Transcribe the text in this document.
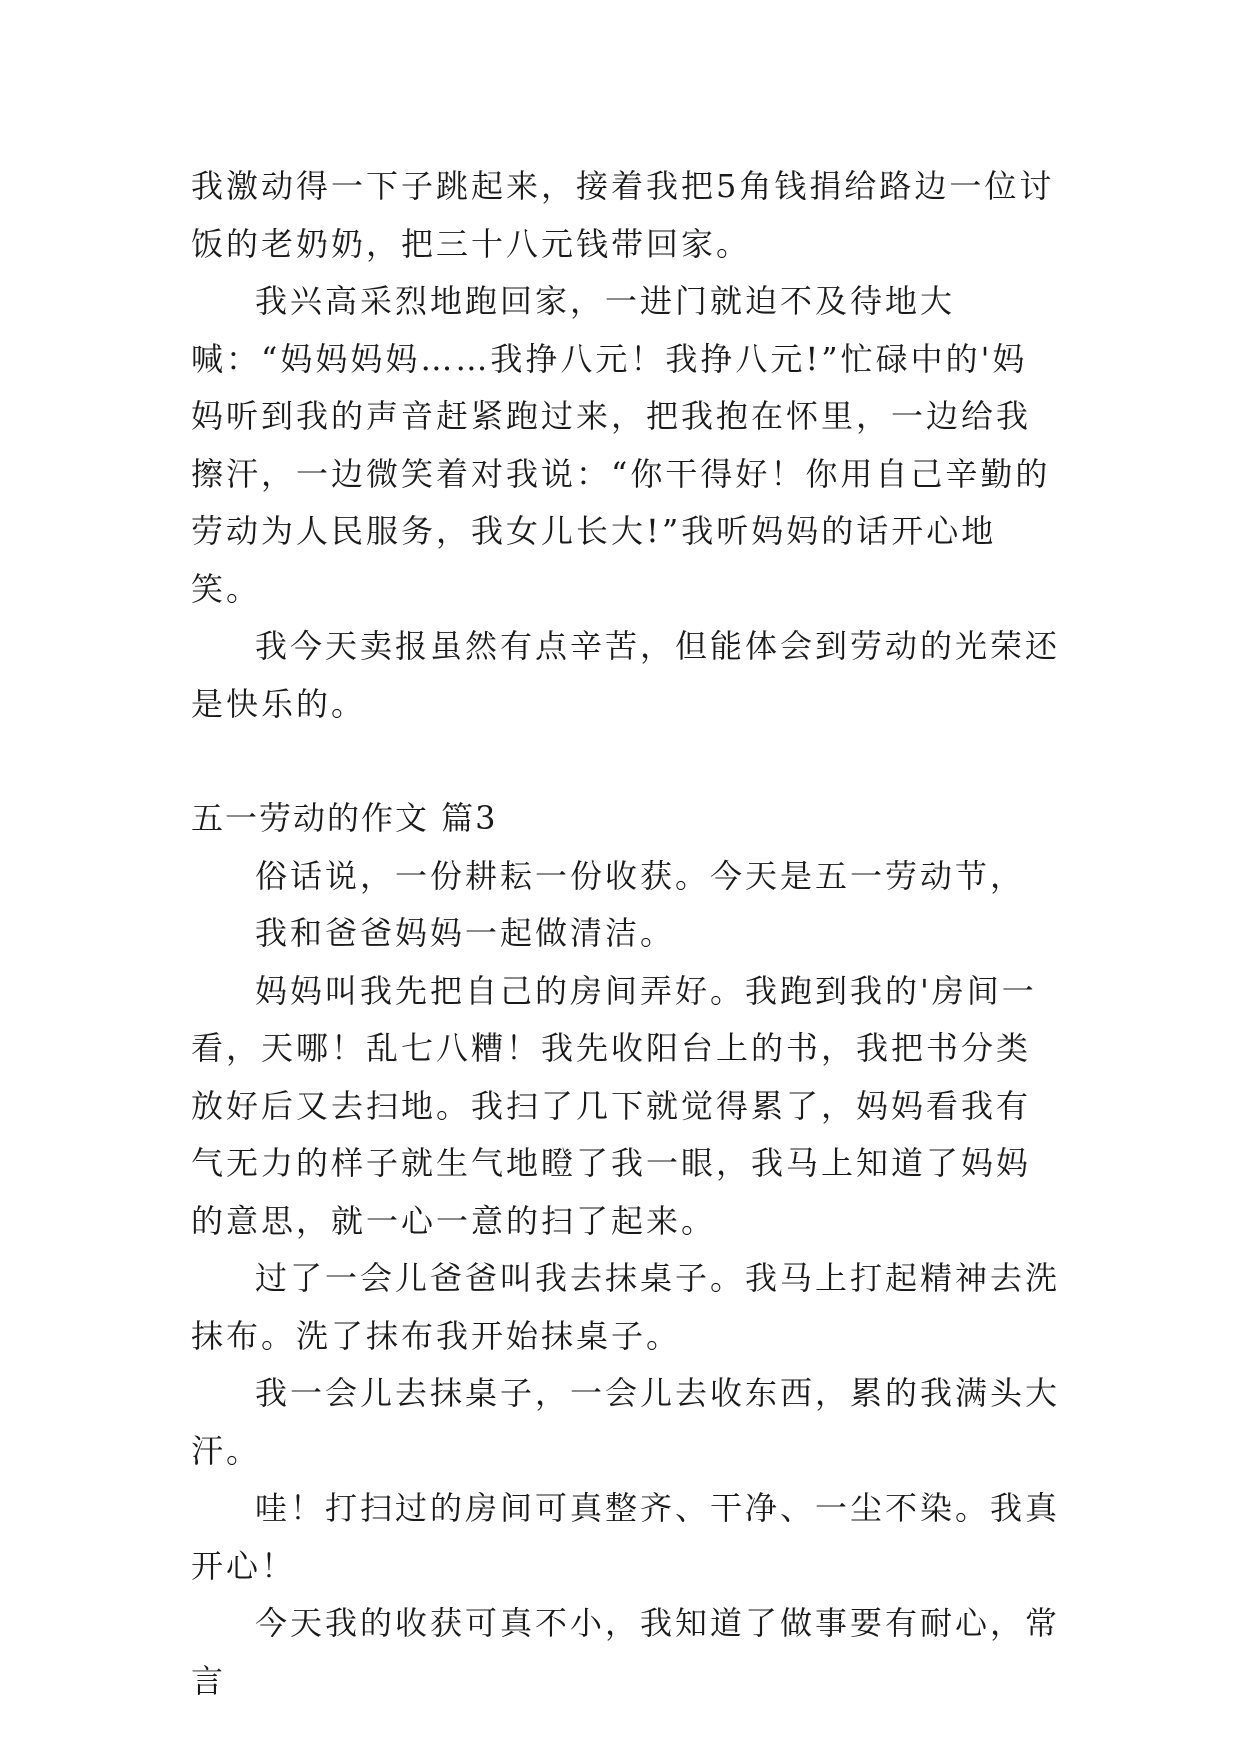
我激动得一下子跳起来，接着我把5角钱捐给路边一位讨饭的老奶奶，把三十八元钱带回家。

我兴高采烈地跑回家，一进门就迫不及待地大喊：“妈妈妈妈……我挣八元！我挣八元!”忙碌中的'妈妈听到我的声音赶紧跑过来，把我抱在怀里，一边给我擦汗，一边微笑着对我说：“你干得好！你用自己辛勤的劳动为人民服务，我女儿长大!”我听妈妈的话开心地笑。

我今天卖报虽然有点辛苦，但能体会到劳动的光荣还是快乐的。

五一劳动的作文 篇3

俗话说，一份耕耘一份收获。今天是五一劳动节，

我和爸爸妈妈一起做清洁。

妈妈叫我先把自己的房间弄好。我跑到我的'房间一看，天哪！乱七八糟！我先收阳台上的书，我把书分类放好后又去扫地。我扫了几下就觉得累了，妈妈看我有气无力的样子就生气地瞪了我一眼，我马上知道了妈妈的意思，就一心一意的扫了起来。

过了一会儿爸爸叫我去抹桌子。我马上打起精神去洗抹布。洗了抹布我开始抹桌子。

我一会儿去抹桌子，一会儿去收东西，累的我满头大汗。

哇！打扫过的房间可真整齐、干净、一尘不染。我真开心！

今天我的收获可真不小，我知道了做事要有耐心，常言
